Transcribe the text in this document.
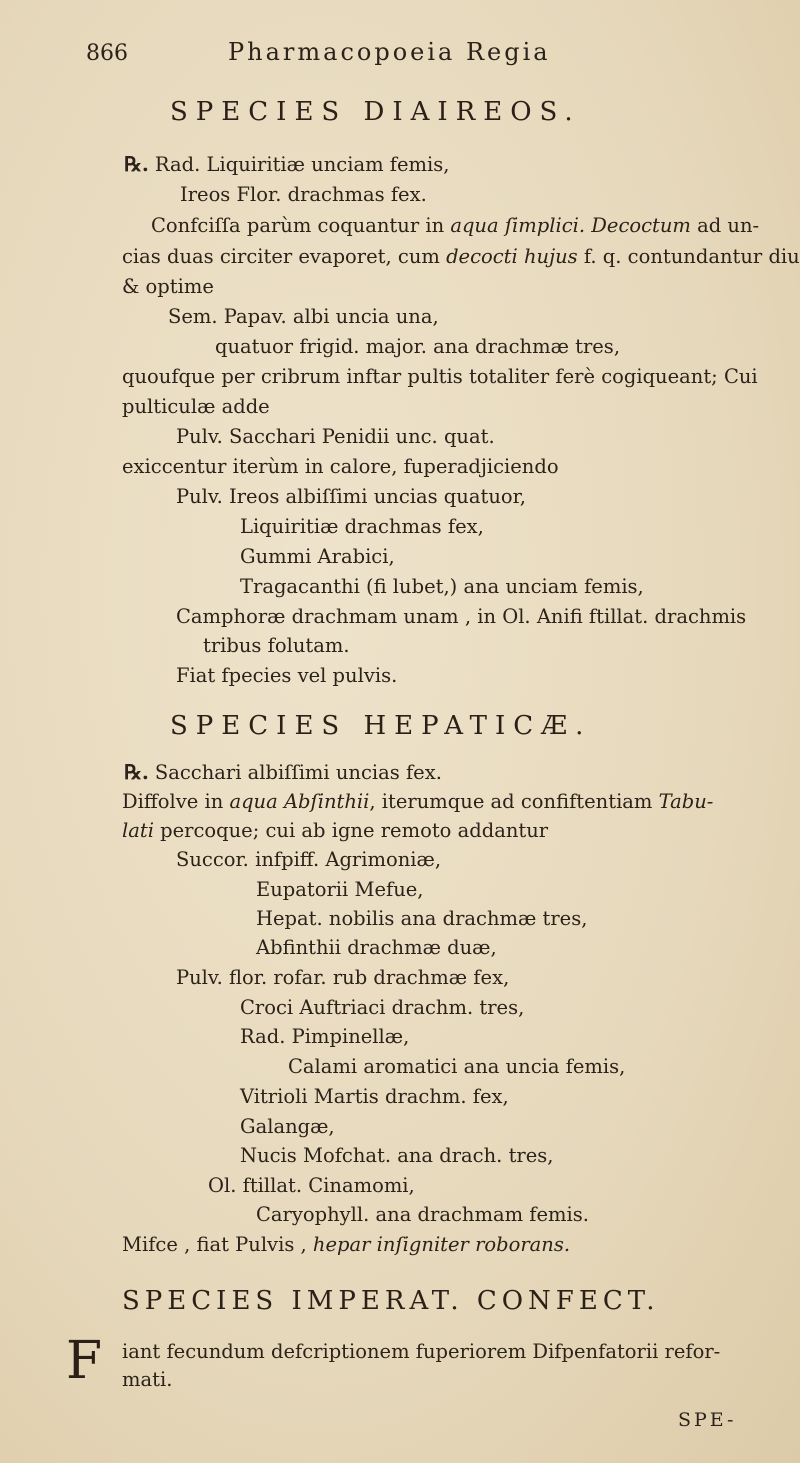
866	Pharmacopoeia Regia
SPECIES DIAIREOS.
℞. Rad. Liquiritiæ unciam femis,
Ireos Flor. drachmas fex.
Confciſſa parùm coquantur in aqua ſimplici. Decoctum ad un-
cias duas circiter evaporet, cum decocti hujus f. q. contundantur diu
& optime
Sem. Papav. albi uncia una,
quatuor frigid. major. ana drachmæ tres,
quoufque per cribrum inftar pultis totaliter ferè cogiqueant; Cui
pulticulæ adde
Pulv. Sacchari Penidii unc. quat.
exiccentur iterùm in calore, fuperadjiciendo
Pulv. Ireos albiſſimi uncias quatuor,
Liquiritiæ drachmas fex,
Gummi Arabici,
Tragacanthi (fi lubet,) ana unciam femis,
Camphoræ drachmam unam , in Ol. Anifi ftillat. drachmis
tribus folutam.
Fiat fpecies vel pulvis.
SPECIES HEPATICÆ.
℞. Sacchari albiſſimi uncias fex.
Diffolve in aqua Abſinthii, iterumque ad confiftentiam Tabu-
lati percoque; cui ab igne remoto addantur
Succor. infpiff. Agrimoniæ,
Eupatorii Mefue,
Hepat. nobilis ana drachmæ tres,
Abfinthii drachmæ duæ,
Pulv. flor. rofar. rub drachmæ fex,
Croci Auftriaci drachm. tres,
Rad. Pimpinellæ,
Calami aromatici ana uncia femis,
Vitrioli Martis drachm. fex,
Galangæ,
Nucis Mofchat. ana drach. tres,
Ol. ftillat. Cinamomi,
Caryophyll. ana drachmam femis.
Mifce , fiat Pulvis , hepar inſigniter roborans.
SPECIES IMPERAT. CONFECT.
F iant fecundum defcriptionem fuperiorem Difpenfatorii refor-
mati.
SPE-
